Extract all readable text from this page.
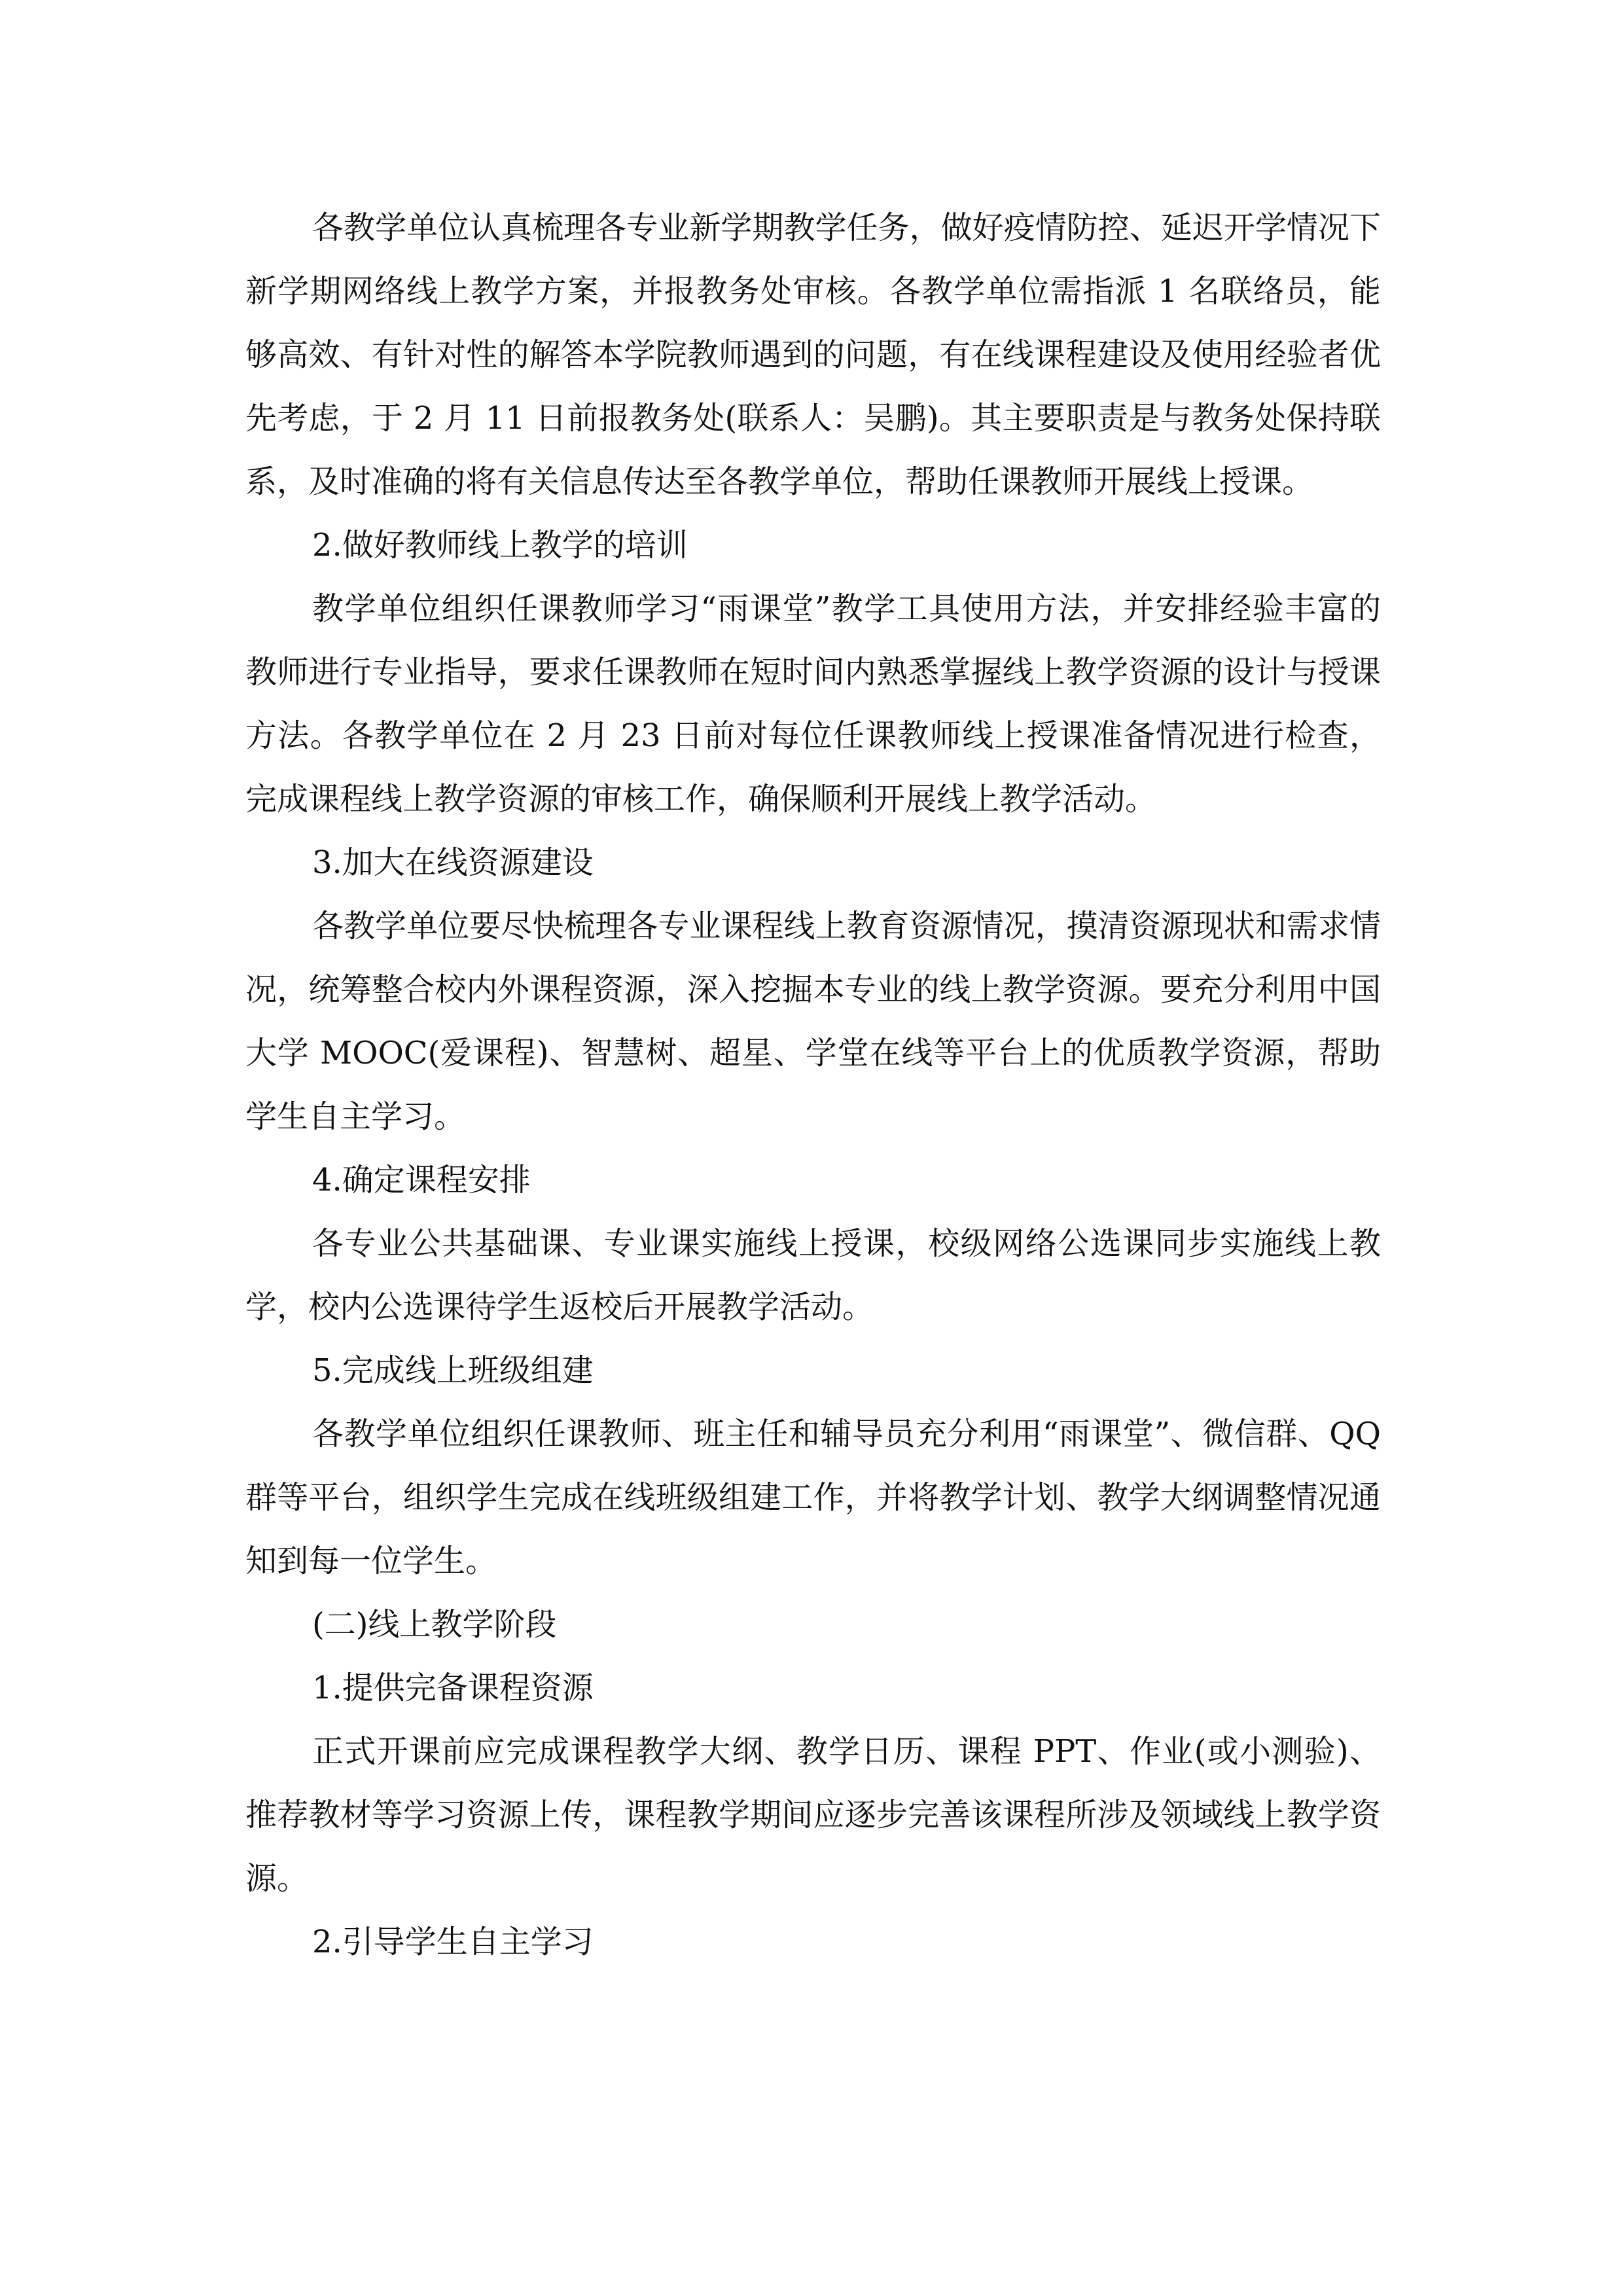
各教学单位认真梳理各专业新学期教学任务，做好疫情防控、延迟开学情况下新学期网络线上教学方案，并报教务处审核。各教学单位需指派 1 名联络员，能够高效、有针对性的解答本学院教师遇到的问题，有在线课程建设及使用经验者优先考虑，于 2 月 11 日前报教务处(联系人：吴鹏)。其主要职责是与教务处保持联系，及时准确的将有关信息传达至各教学单位，帮助任课教师开展线上授课。

2.做好教师线上教学的培训

教学单位组织任课教师学习“雨课堂”教学工具使用方法，并安排经验丰富的教师进行专业指导，要求任课教师在短时间内熟悉掌握线上教学资源的设计与授课方法。各教学单位在 2 月 23 日前对每位任课教师线上授课准备情况进行检查，完成课程线上教学资源的审核工作，确保顺利开展线上教学活动。

3.加大在线资源建设

各教学单位要尽快梳理各专业课程线上教育资源情况，摸清资源现状和需求情况，统筹整合校内外课程资源，深入挖掘本专业的线上教学资源。要充分利用中国大学 MOOC(爱课程)、智慧树、超星、学堂在线等平台上的优质教学资源，帮助学生自主学习。

4.确定课程安排

各专业公共基础课、专业课实施线上授课，校级网络公选课同步实施线上教学，校内公选课待学生返校后开展教学活动。

5.完成线上班级组建

各教学单位组织任课教师、班主任和辅导员充分利用“雨课堂”、微信群、QQ 群等平台，组织学生完成在线班级组建工作，并将教学计划、教学大纲调整情况通知到每一位学生。

(二)线上教学阶段

1.提供完备课程资源

正式开课前应完成课程教学大纲、教学日历、课程 PPT、作业(或小测验)、推荐教材等学习资源上传，课程教学期间应逐步完善该课程所涉及领域线上教学资源。

2.引导学生自主学习
